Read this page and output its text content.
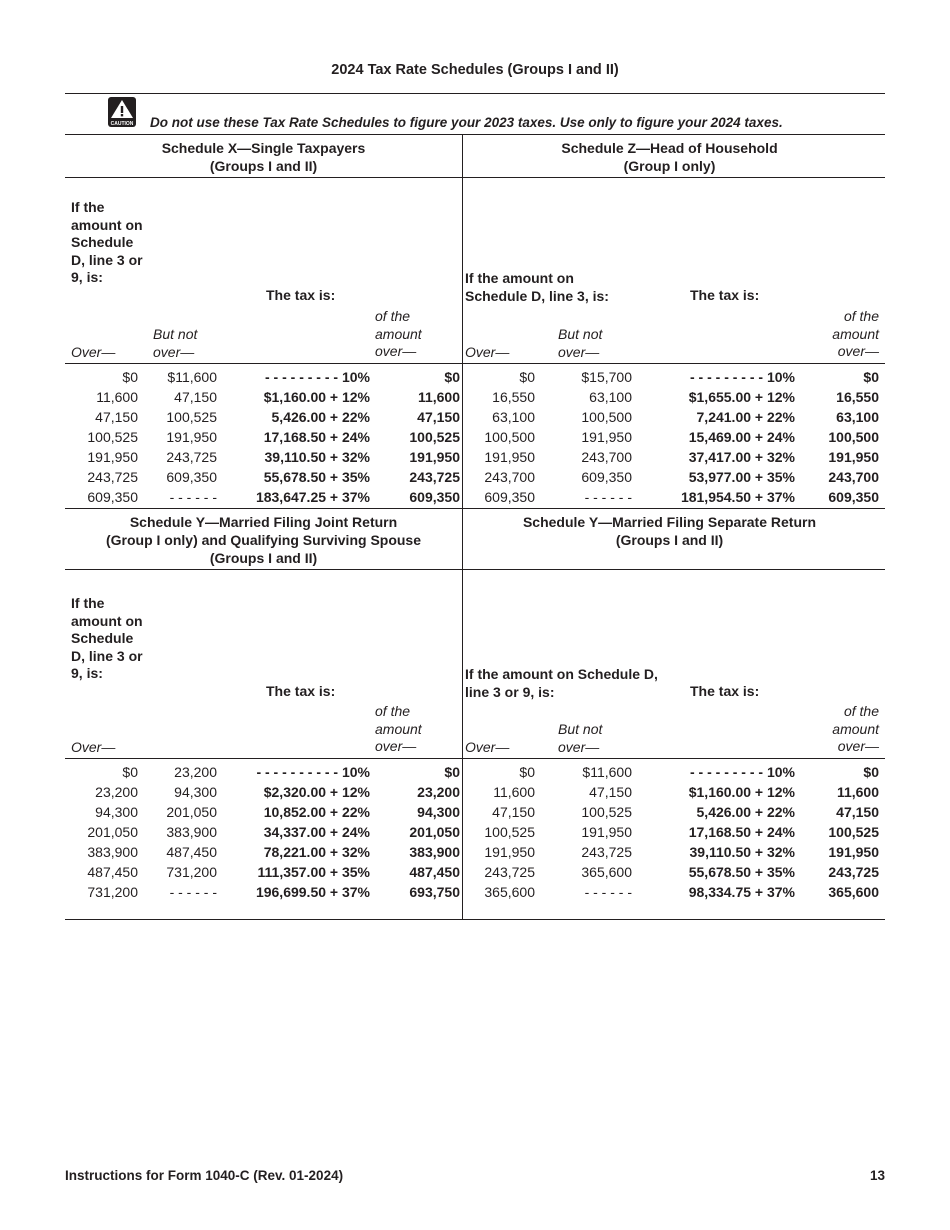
2024 Tax Rate Schedules (Groups I and II)
CAUTION Do not use these Tax Rate Schedules to figure your 2023 taxes. Use only to figure your 2024 taxes.
Schedule X—Single Taxpayers
(Groups I and II)
If the amount on Schedule D, line 3 or 9, is:
The tax is:
Over—
But not over—
of the amount over—
Schedule Z—Head of Household
(Group I only)
If the amount on Schedule D, line 3, is:	The tax is:
Over—
But not over—
of the amount over—
$0	$11,600	- - - - - - - - - 10%	$0	$0	$15,700	- - - - - - - - - 10%	$0
11,600	47,150	$1,160.00 + 12%	11,600 16,550	63,100	$1,655.00 + 12%	16,550
47,150	100,525	5,426.00 + 22%	47,150 63,100	100,500	7,241.00 + 22%	63,100
100,525	191,950	17,168.50 + 24%	100,525 100,500	191,950	15,469.00 + 24% 100,500
191,950	243,725	39,110.50 + 32%	191,950 191,950	243,700	37,417.00 + 32% 191,950
243,725	609,350	55,678.50 + 35%	243,725 243,700	609,350	53,977.00 + 35% 243,700
609,350	- - - - - -	183,647.25 + 37%	609,350 609,350	- - - - - -	181,954.50 + 37% 609,350
Schedule Y—Married Filing Joint Return
(Group I only) and Qualifying Surviving Spouse
(Groups I and II)
If the amount on Schedule D, line 3 or 9, is:
The tax is:
Over—
of the amount over—
Schedule Y—Married Filing Separate Return
(Groups I and II)
If the amount on Schedule D, line 3 or 9, is:	The tax is:
Over—
But not over—
of the amount over—
$0	23,200	- - - - - - - - - - 10%	$0	$0	$11,600	- - - - - - - - - 10%	$0
23,200	94,300	$2,320.00 + 12%	23,200 11,600	47,150	$1,160.00 + 12%	11,600
94,300	201,050	10,852.00 + 22%	94,300 47,150	100,525	5,426.00 + 22%	47,150
201,050	383,900	34,337.00 + 24%	201,050 100,525	191,950	17,168.50 + 24% 100,525
383,900	487,450	78,221.00 + 32%	383,900 191,950	243,725	39,110.50 + 32% 191,950
487,450	731,200	111,357.00 + 35%	487,450 243,725	365,600	55,678.50 + 35% 243,725
731,200	- - - - - -	196,699.50 + 37%	693,750 365,600	- - - - - -	98,334.75 + 37% 365,600
Instructions for Form 1040-C (Rev. 01-2024)	13
